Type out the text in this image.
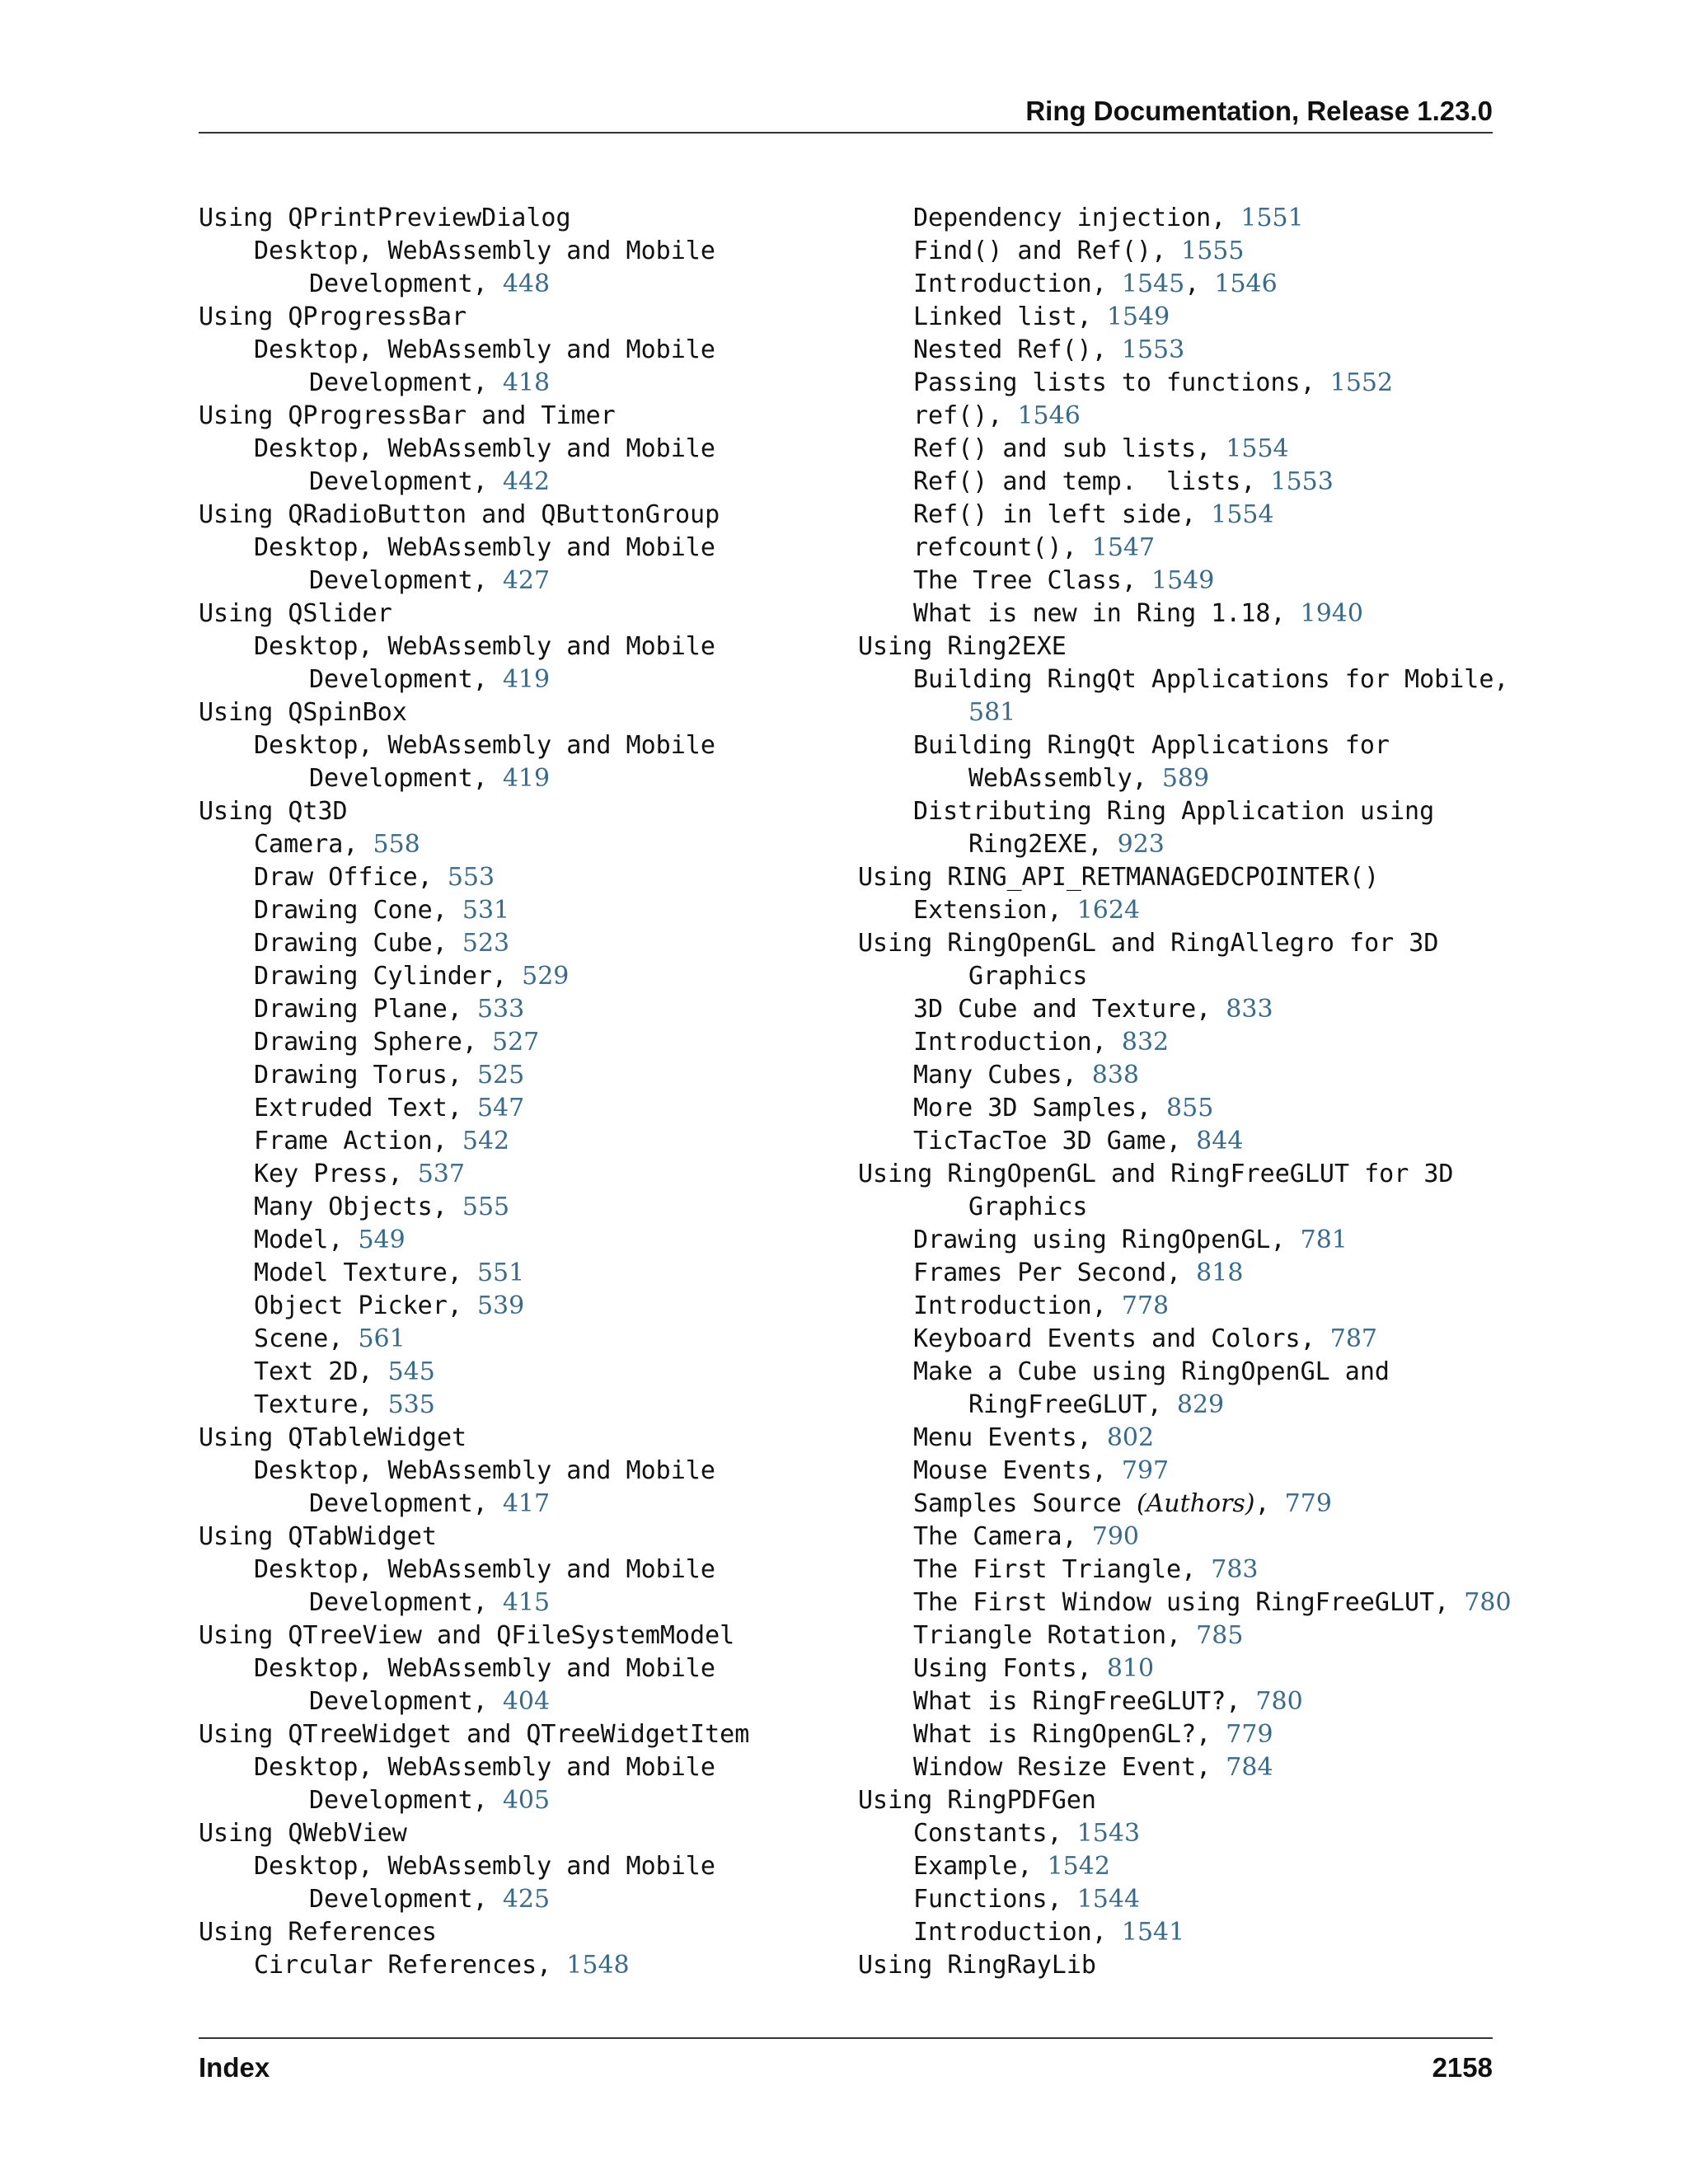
Ring Documentation, Release 1.23.0
Using QPrintPreviewDialog
Desktop, WebAssembly and Mobile
Development, 448
Using QProgressBar
Desktop, WebAssembly and Mobile
Development, 418
Using QProgressBar and Timer
Desktop, WebAssembly and Mobile
Development, 442
Using QRadioButton and QButtonGroup
Desktop, WebAssembly and Mobile
Development, 427
Using QSlider
Desktop, WebAssembly and Mobile
Development, 419
Using QSpinBox
Desktop, WebAssembly and Mobile
Development, 419
Using Qt3D
Camera, 558
Draw Office, 553
Drawing Cone, 531
Drawing Cube, 523
Drawing Cylinder, 529
Drawing Plane, 533
Drawing Sphere, 527
Drawing Torus, 525
Extruded Text, 547
Frame Action, 542
Key Press, 537
Many Objects, 555
Model, 549
Model Texture, 551
Object Picker, 539
Scene, 561
Text 2D, 545
Texture, 535
Using QTableWidget
Desktop, WebAssembly and Mobile
Development, 417
Using QTabWidget
Desktop, WebAssembly and Mobile
Development, 415
Using QTreeView and QFileSystemModel
Desktop, WebAssembly and Mobile
Development, 404
Using QTreeWidget and QTreeWidgetItem
Desktop, WebAssembly and Mobile
Development, 405
Using QWebView
Desktop, WebAssembly and Mobile
Development, 425
Using References
Circular References, 1548
Dependency injection, 1551
Find() and Ref(), 1555
Introduction, 1545, 1546
Linked list, 1549
Nested Ref(), 1553
Passing lists to functions, 1552
ref(), 1546
Ref() and sub lists, 1554
Ref() and temp.  lists, 1553
Ref() in left side, 1554
refcount(), 1547
The Tree Class, 1549
What is new in Ring 1.18, 1940
Using Ring2EXE
Building RingQt Applications for Mobile,
581
Building RingQt Applications for
WebAssembly, 589
Distributing Ring Application using
Ring2EXE, 923
Using RING_API_RETMANAGEDCPOINTER()
Extension, 1624
Using RingOpenGL and RingAllegro for 3D
Graphics
3D Cube and Texture, 833
Introduction, 832
Many Cubes, 838
More 3D Samples, 855
TicTacToe 3D Game, 844
Using RingOpenGL and RingFreeGLUT for 3D
Graphics
Drawing using RingOpenGL, 781
Frames Per Second, 818
Introduction, 778
Keyboard Events and Colors, 787
Make a Cube using RingOpenGL and
RingFreeGLUT, 829
Menu Events, 802
Mouse Events, 797
Samples Source (Authors), 779
The Camera, 790
The First Triangle, 783
The First Window using RingFreeGLUT, 780
Triangle Rotation, 785
Using Fonts, 810
What is RingFreeGLUT?, 780
What is RingOpenGL?, 779
Window Resize Event, 784
Using RingPDFGen
Constants, 1543
Example, 1542
Functions, 1544
Introduction, 1541
Using RingRayLib
Index	2158
